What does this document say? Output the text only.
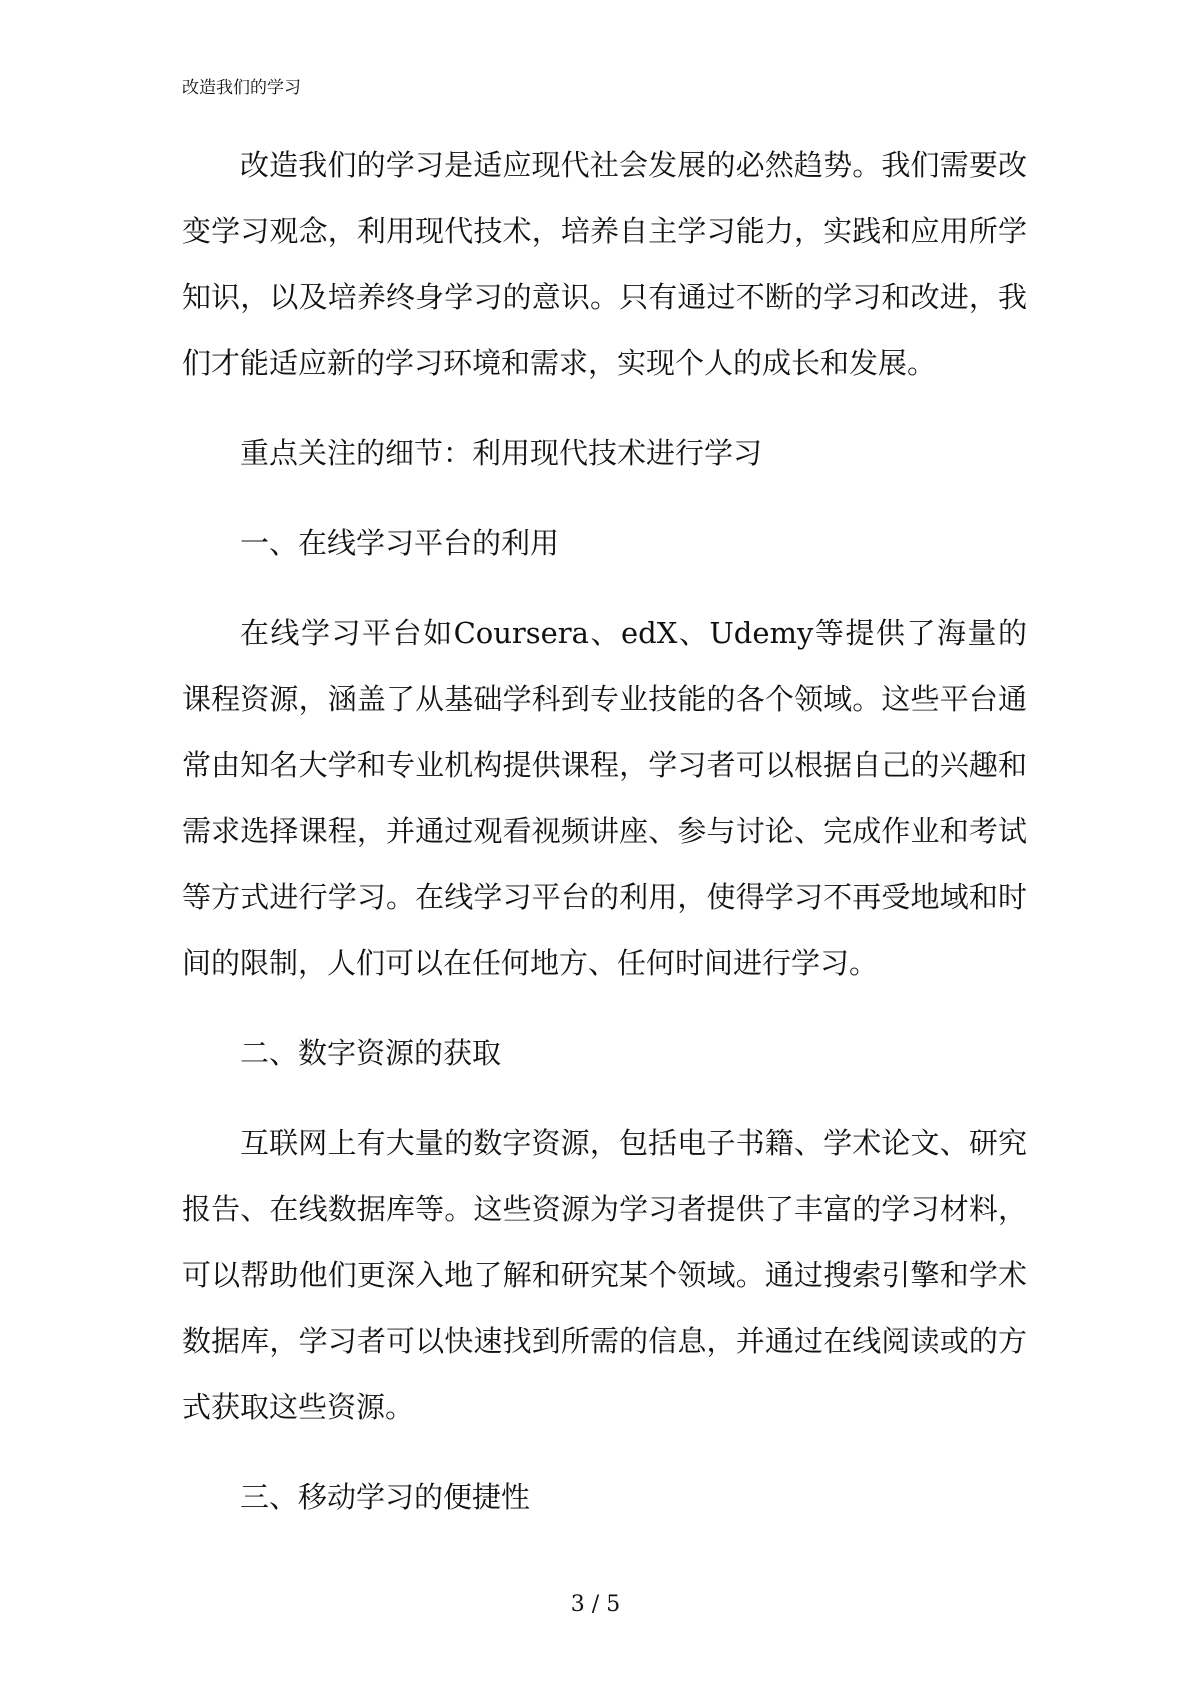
改造我们的学习

改造我们的学习是适应现代社会发展的必然趋势。我们需要改变学习观念，利用现代技术，培养自主学习能力，实践和应用所学知识，以及培养终身学习的意识。只有通过不断的学习和改进，我们才能适应新的学习环境和需求，实现个人的成长和发展。

重点关注的细节：利用现代技术进行学习

一、在线学习平台的利用

在线学习平台如Coursera、edX、Udemy等提供了海量的课程资源，涵盖了从基础学科到专业技能的各个领域。这些平台通常由知名大学和专业机构提供课程，学习者可以根据自己的兴趣和需求选择课程，并通过观看视频讲座、参与讨论、完成作业和考试等方式进行学习。在线学习平台的利用，使得学习不再受地域和时间的限制，人们可以在任何地方、任何时间进行学习。

二、数字资源的获取

互联网上有大量的数字资源，包括电子书籍、学术论文、研究报告、在线数据库等。这些资源为学习者提供了丰富的学习材料，可以帮助他们更深入地了解和研究某个领域。通过搜索引擎和学术数据库，学习者可以快速找到所需的信息，并通过在线阅读或的方式获取这些资源。

三、移动学习的便捷性

3 / 5
